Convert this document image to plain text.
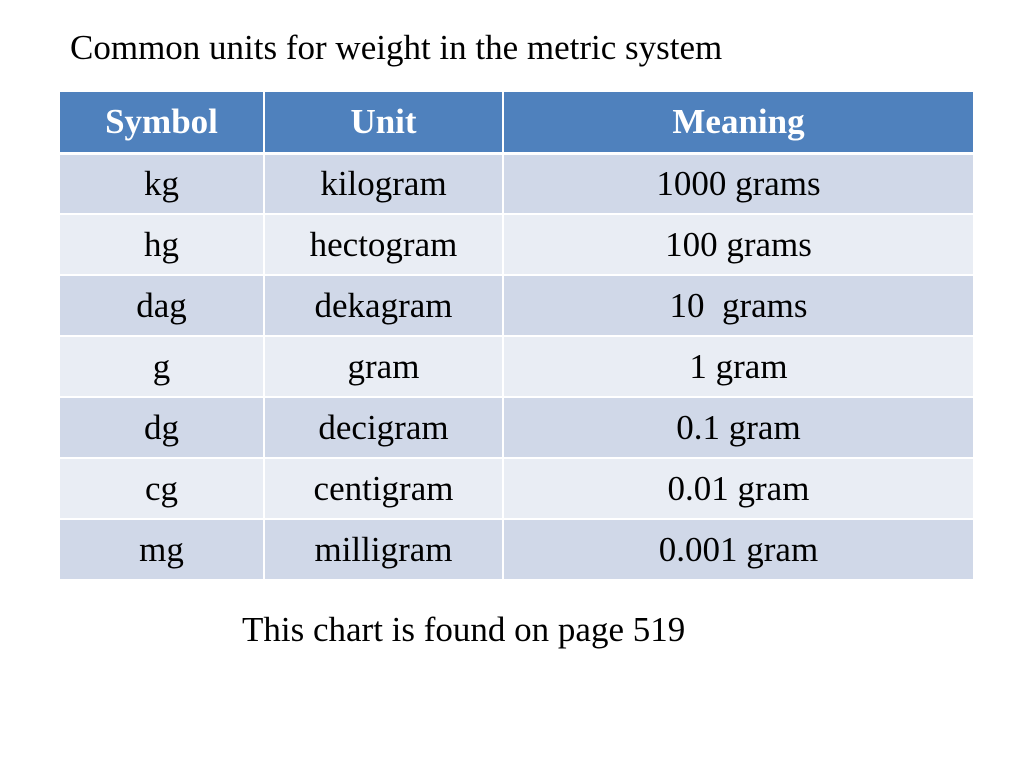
Common units for weight in the metric system
Symbol	Unit	Meaning
kg	kilogram	1000 grams
hg	hectogram	100 grams
dag	dekagram	10  grams
g	gram	1 gram
dg	decigram	0.1 gram
cg	centigram	0.01 gram
mg	milligram	0.001 gram
This chart is found on page 519
